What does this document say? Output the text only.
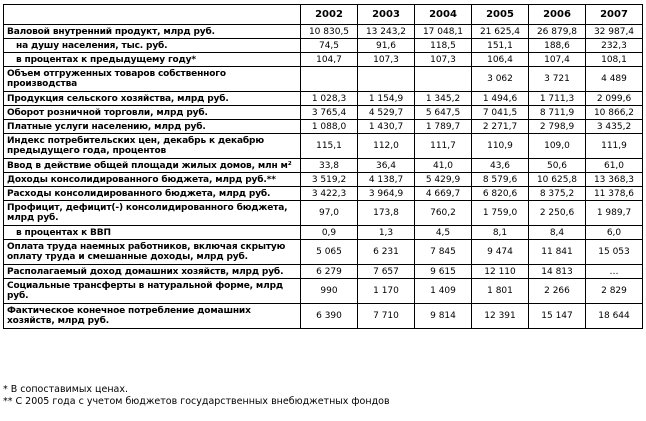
	2002	2003	2004	2005	2006	2007
Валовой внутренний продукт, млрд руб.	10 830,5	13 243,2	17 048,1	21 625,4	26 879,8	32 987,4
на душу населения, тыс. руб.	74,5	91,6	118,5	151,1	188,6	232,3
в процентах к предыдущему году*	104,7	107,3	107,3	106,4	107,4	108,1
Объем отгруженных товаров собственного производства				3 062	3 721	4 489
Продукция сельского хозяйства, млрд руб.	1 028,3	1 154,9	1 345,2	1 494,6	1 711,3	2 099,6
Оборот розничной торговли, млрд руб.	3 765,4	4 529,7	5 647,5	7 041,5	8 711,9	10 866,2
Платные услуги населению, млрд руб.	1 088,0	1 430,7	1 789,7	2 271,7	2 798,9	3 435,2
Индекс потребительских цен, декабрь к декабрю предыдущего года, процентов	115,1	112,0	111,7	110,9	109,0	111,9
Ввод в действие общей площади жилых домов, млн м²	33,8	36,4	41,0	43,6	50,6	61,0
Доходы консолидированного бюджета, млрд руб.**	3 519,2	4 138,7	5 429,9	8 579,6	10 625,8	13 368,3
Расходы консолидированного бюджета, млрд руб.	3 422,3	3 964,9	4 669,7	6 820,6	8 375,2	11 378,6
Профицит, дефицит(-) консолидированного бюджета, млрд руб.	97,0	173,8	760,2	1 759,0	2 250,6	1 989,7
в процентах к ВВП	0,9	1,3	4,5	8,1	8,4	6,0
Оплата труда наемных работников, включая скрытую оплату труда и смешанные доходы, млрд руб.	5 065	6 231	7 845	9 474	11 841	15 053
Располагаемый доход домашних хозяйств, млрд руб.	6 279	7 657	9 615	12 110	14 813	…
Социальные трансферты в натуральной форме, млрд руб.	990	1 170	1 409	1 801	2 266	2 829
Фактическое конечное потребление домашних хозяйств, млрд руб.	6 390	7 710	9 814	12 391	15 147	18 644
* В сопоставимых ценах.
** С 2005 года с учетом бюджетов государственных внебюджетных фондов
